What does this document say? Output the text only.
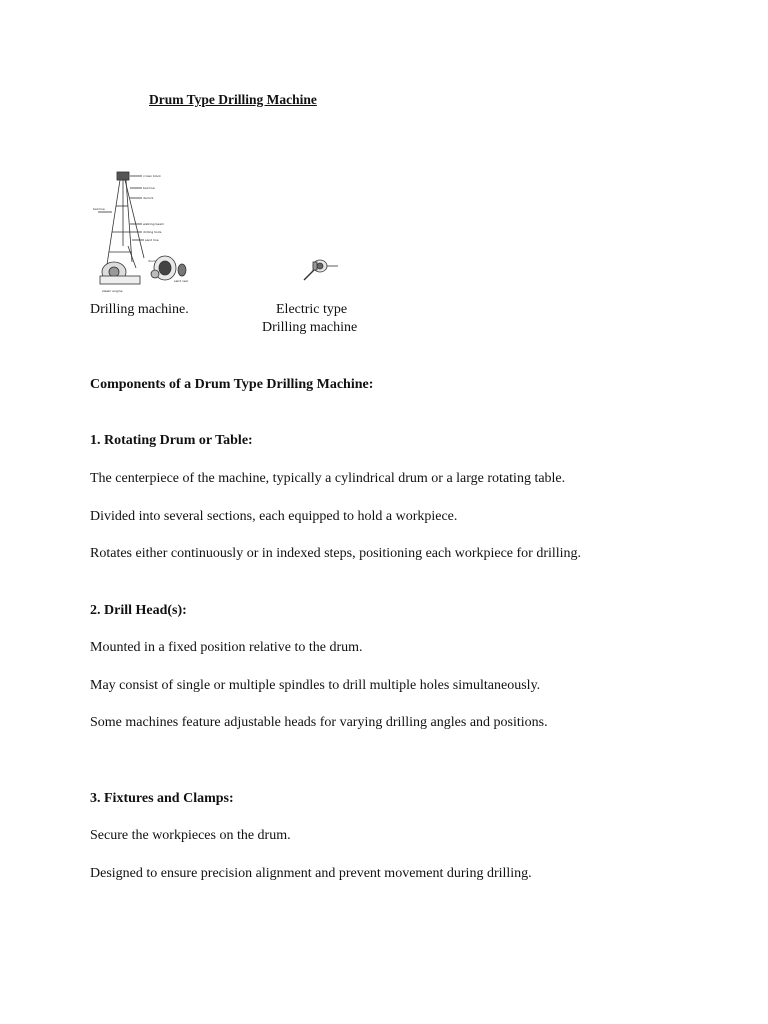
Drum Type Drilling Machine
crown block
bail line
derrick
walking beam
drilling tools
sand line
bail line
drum
sand reel
steam engine
Drilling machine.	Electric type
Drilling machine
Components of a Drum Type Drilling Machine:
1. Rotating Drum or Table:
The centerpiece of the machine, typically a cylindrical drum or a large rotating table.
Divided into several sections, each equipped to hold a workpiece.
Rotates either continuously or in indexed steps, positioning each workpiece for drilling.
2. Drill Head(s):
Mounted in a fixed position relative to the drum.
May consist of single or multiple spindles to drill multiple holes simultaneously.
Some machines feature adjustable heads for varying drilling angles and positions.
3. Fixtures and Clamps:
Secure the workpieces on the drum.
Designed to ensure precision alignment and prevent movement during drilling.
